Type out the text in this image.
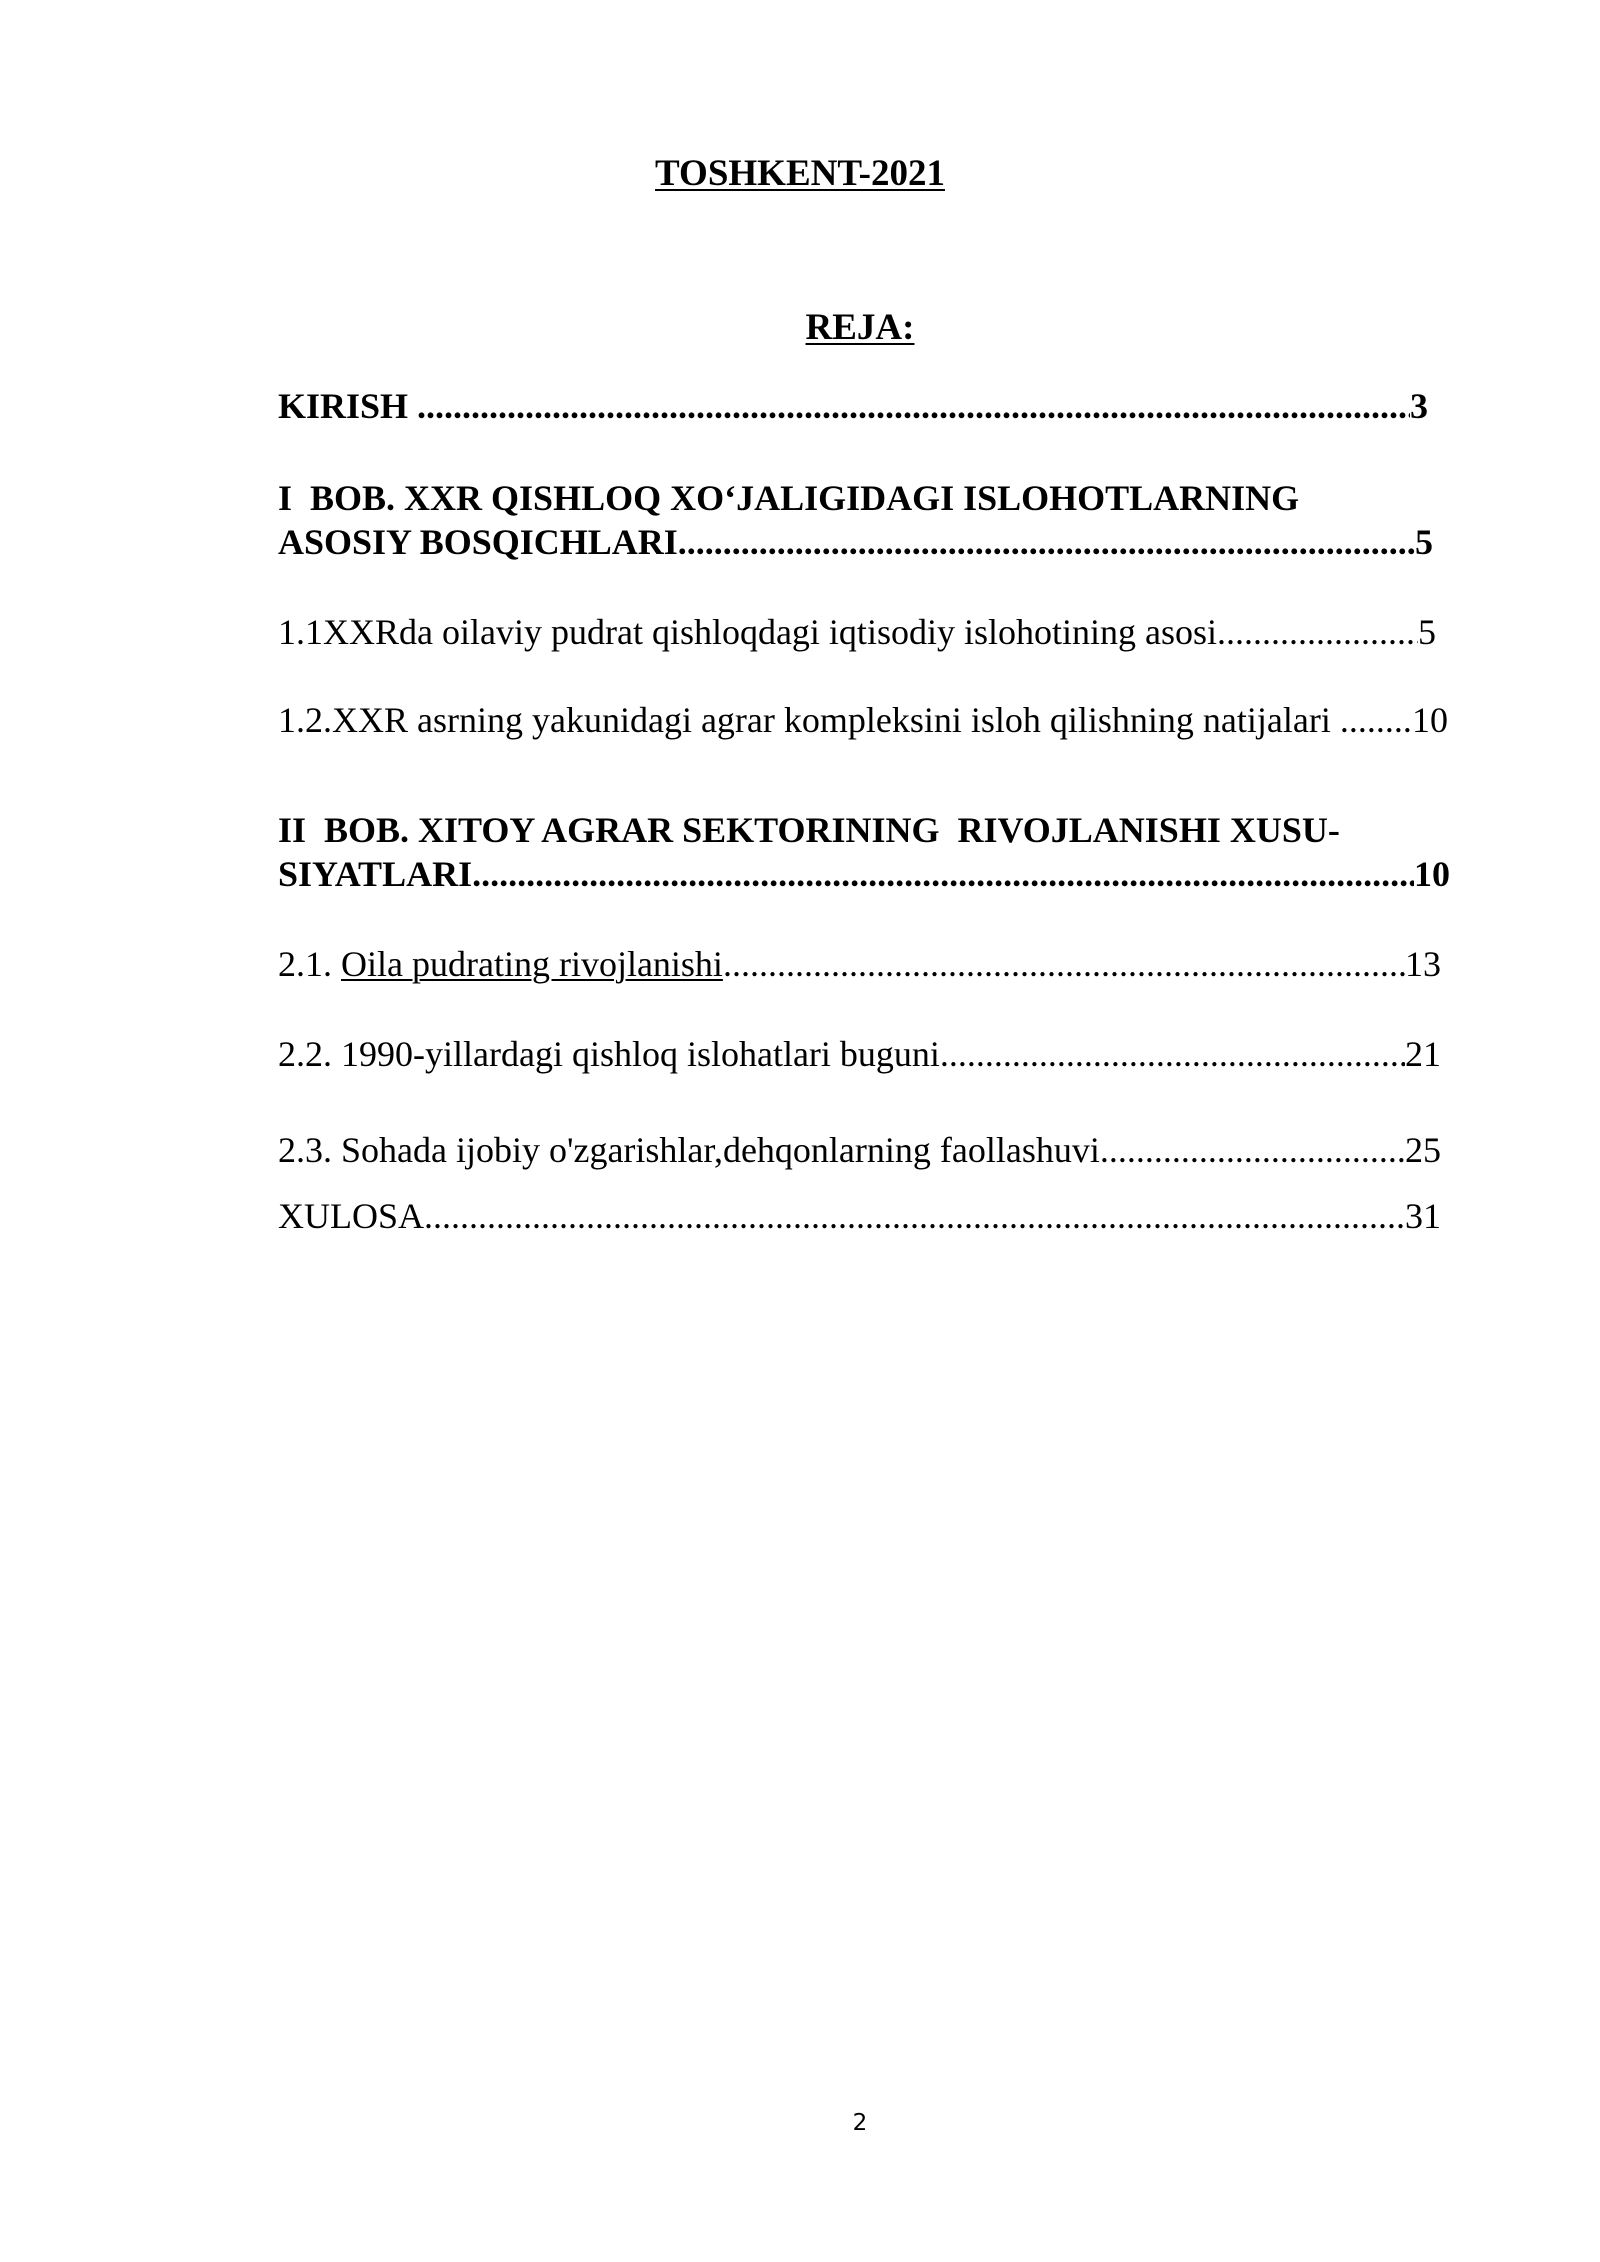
TOSHKENT-2021
REJA:
KIRISH .....	3
I  BOB. XXR QISHLOQ XO‘JALIGIDAGI ISLOHOTLARNING
ASOSIY BOSQICHLARI .....	5
1.1XXRda oilaviy pudrat qishloqdagi iqtisodiy islohotining asosi .....	5
1.2.XXR asrning yakunidagi agrar kompleksini isloh qilishning natijalari ..... 10
II  BOB. XITOY AGRAR SEKTORINING  RIVOJLANISHI XUSU-
SIYATLARI .....	10
2.1. Oila pudrating rivojlanishi .....	13
2.2. 1990-yillardagi qishloq islohatlari buguni .....	21
2.3. Sohada ijobiy o'zgarishlar,dehqonlarning faollashuvi .....	25
XULOSA .....	31
2
